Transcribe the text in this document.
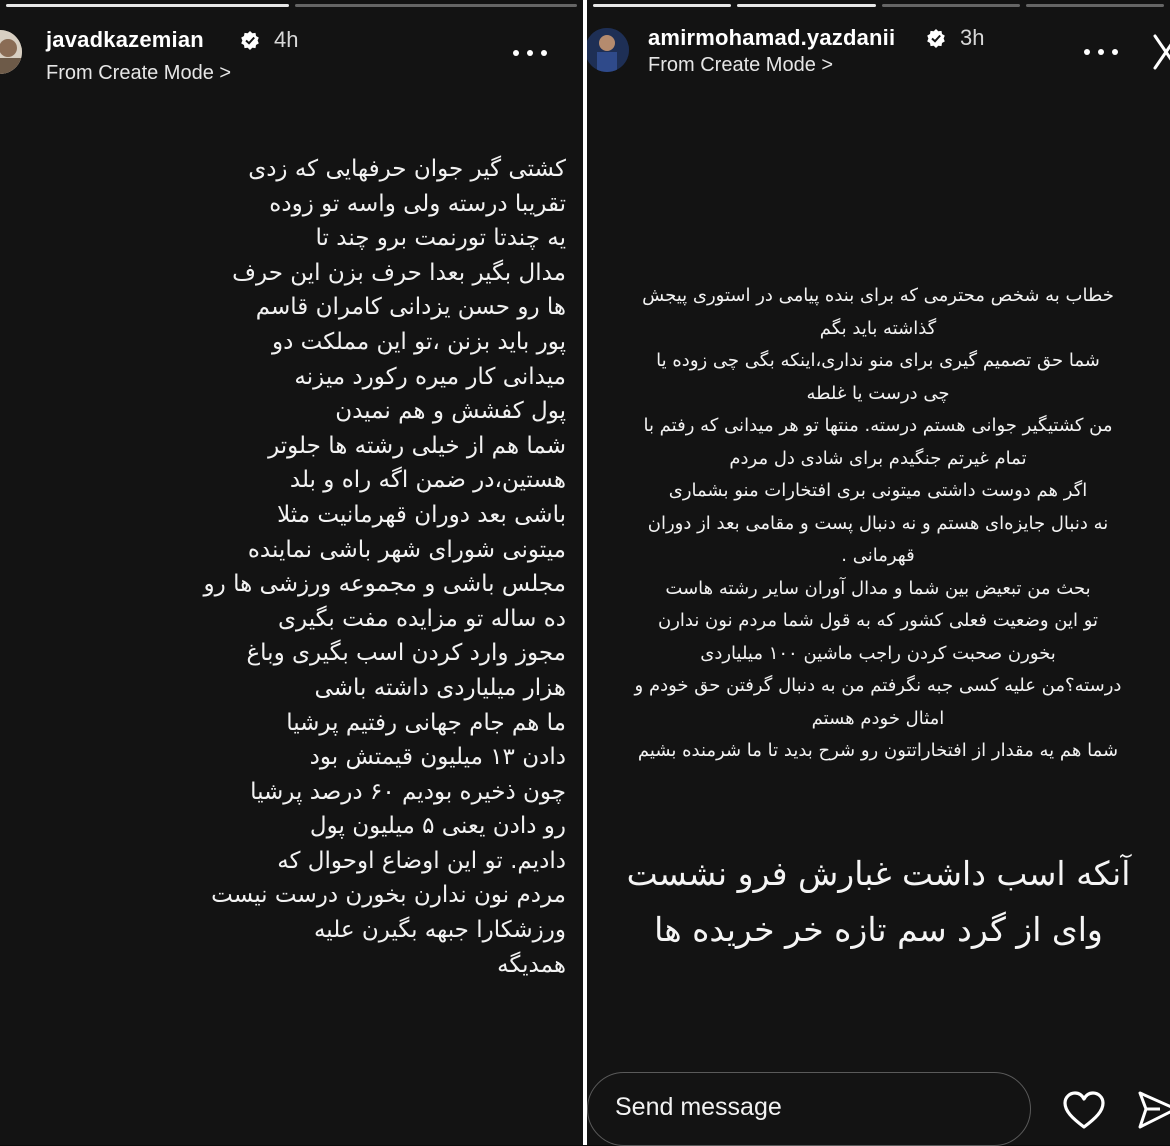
javadkazemian	4h
From Create Mode >
کشتی گیر جوان حرفهایی که زدی
تقریبا درسته ولی واسه تو زوده
یه چندتا تورنمت برو چند تا
مدال بگیر بعدا حرف بزن این حرف
ها رو حسن یزدانی کامران قاسم
پور باید بزنن ،تو این مملکت دو
میدانی کار میره رکورد میزنه
پول کفشش و هم نمیدن
شما هم از خیلی رشته ها جلوتر
هستین،در ضمن اگه راه و بلد
باشی بعد دوران قهرمانیت مثلا
میتونی شورای شهر باشی نماینده
مجلس باشی و مجموعه ورزشی ها رو
ده ساله تو مزایده مفت بگیری
مجوز وارد کردن اسب بگیری وباغ
هزار میلیاردی داشته باشی
ما هم جام جهانی رفتیم پرشیا
دادن ۱۳ میلیون قیمتش بود
چون ذخیره بودیم ۶۰ درصد پرشیا
رو دادن یعنی ۵ میلیون پول
دادیم. تو این اوضاع اوحوال که
مردم نون ندارن بخورن درست نیست
ورزشکارا جبهه بگیرن علیه
همدیگه
amirmohamad.yazdanii	3h
From Create Mode >
خطاب به شخص محترمی که برای بنده پیامی در استوری پیجش
گذاشته باید بگم
شما حق تصمیم گیری برای منو نداری،اینکه بگی چی زوده یا
چی درست یا غلطه
من کشتیگیر جوانی هستم درسته. منتها تو هر میدانی که رفتم با
تمام غیرتم جنگیدم برای شادی دل مردم
اگر هم دوست داشتی میتونی بری افتخارات منو بشماری
نه دنبال جایزه‌ای هستم و نه دنبال پست و مقامی بعد از دوران
قهرمانی .
بحث من تبعیض بین شما و مدال آوران سایر رشته هاست
تو این وضعیت فعلی کشور که به قول شما مردم نون ندارن
بخورن صحبت کردن راجب ماشین ۱۰۰ میلیاردی
درسته؟من علیه کسی جبه نگرفتم من به دنبال گرفتن حق خودم و
امثال خودم هستم
شما هم یه مقدار از افتخاراتتون رو شرح بدید تا ما شرمنده بشیم
آنکه اسب داشت غبارش فرو نشست
وای از گرد سم تازه خر خریده ها
Send message
